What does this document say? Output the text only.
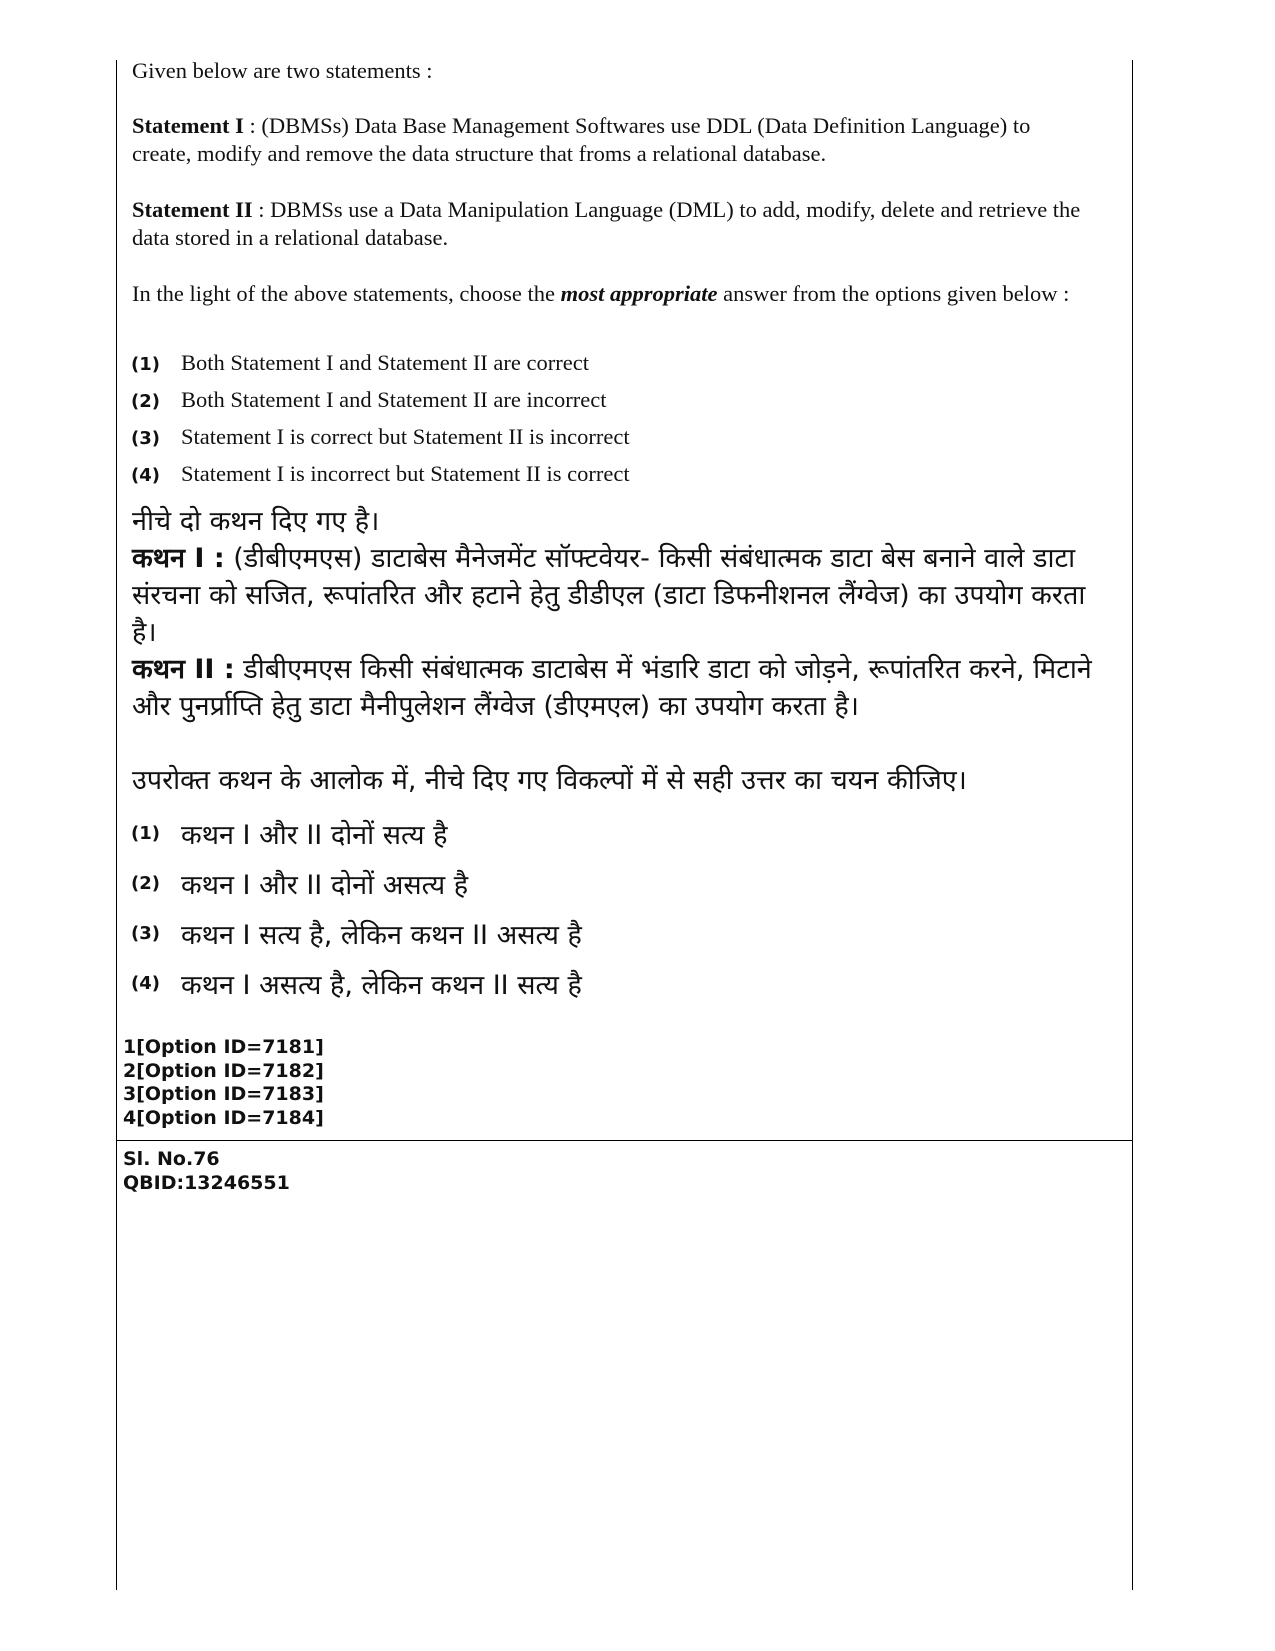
Given below are two statements :
Statement I : (DBMSs) Data Base Management Softwares use DDL (Data Definition Language) to create, modify and remove the data structure that froms a relational database.
Statement II : DBMSs use a Data Manipulation Language (DML) to add, modify, delete and retrieve the data stored in a relational database.
In the light of the above statements, choose the most appropriate answer from the options given below :
(1) Both Statement I and Statement II are correct
(2) Both Statement I and Statement II are incorrect
(3) Statement I is correct but Statement II is incorrect
(4) Statement I is incorrect but Statement II is correct
नीचे दो कथन दिए गए है।
कथन I : (डीबीएमएस) डाटाबेस मैनेजमेंट सॉफ्टवेयर- किसी संबंधात्मक डाटा बेस बनाने वाले डाटा संरचना को सजित, रूपांतरित और हटाने हेतु डीडीएल (डाटा डिफनीशनल लैंग्वेज) का उपयोग करता है।
कथन II : डीबीएमएस किसी संबंधात्मक डाटाबेस में भंडारि डाटा को जोड़ने, रूपांतरित करने, मिटाने और पुनर्प्राप्ति हेतु डाटा मैनीपुलेशन लैंग्वेज (डीएमएल) का उपयोग करता है।
उपरोक्त कथन के आलोक में, नीचे दिए गए विकल्पों में से सही उत्तर का चयन कीजिए।
(1) कथन I और II दोनों सत्य है
(2) कथन I और II दोनों असत्य है
(3) कथन I सत्य है, लेकिन कथन II असत्य है
(4) कथन I असत्य है, लेकिन कथन II सत्य है
1[Option ID=7181]
2[Option ID=7182]
3[Option ID=7183]
4[Option ID=7184]
Sl. No.76
QBID:13246551
